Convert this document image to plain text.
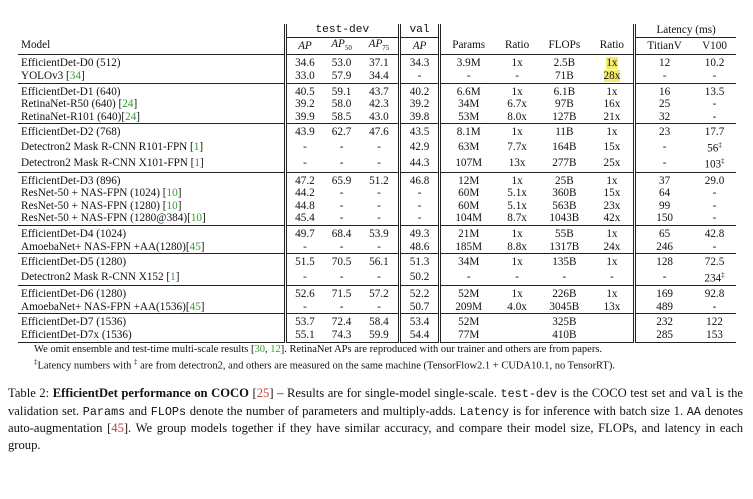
	test-dev			val					Latency (ms)	
Model	AP	$AP_{50}$	$AP_{75}$	AP	Params	Ratio	FLOPs	Ratio	TitianV	V100
EfficientDet-D0 (512)	34.6	53.0	37.1	34.3	3.9M	1x	2.5B	1x	12	10.2
YOLOv3 [34]	33.0	57.9	34.4	-	-	-	71B	28x	-	-
EfficientDet-D1 (640)	40.5	59.1	43.7	40.2	6.6M	1x	6.1B	1x	16	13.5
RetinaNet-R50 (640) [24]	39.2	58.0	42.3	39.2	34M	6.7x	97B	16x	25	-
RetinaNet-R101 (640)[24]	39.9	58.5	43.0	39.8	53M	8.0x	127B	21x	32	-
EfficientDet-D2 (768)	43.9	62.7	47.6	43.5	8.1M	1x	11B	1x	23	17.7
Detectron2 Mask R-CNN R101-FPN [1]	-	-	-	42.9	63M	7.7x	164B	15x	-	56‡
Detectron2 Mask R-CNN X101-FPN [1]	-	-	-	44.3	107M	13x	277B	25x	-	103‡
EfficientDet-D3 (896)	47.2	65.9	51.2	46.8	12M	1x	25B	1x	37	29.0
ResNet-50 + NAS-FPN (1024) [10]	44.2	-	-	-	60M	5.1x	360B	15x	64	-
ResNet-50 + NAS-FPN (1280) [10]	44.8	-	-	-	60M	5.1x	563B	23x	99	-
ResNet-50 + NAS-FPN (1280@384)[10]	45.4	-	-	-	104M	8.7x	1043B	42x	150	-
EfficientDet-D4 (1024)	49.7	68.4	53.9	49.3	21M	1x	55B	1x	65	42.8
AmoebaNet+ NAS-FPN +AA(1280)[45]	-	-	-	48.6	185M	8.8x	1317B	24x	246	-
EfficientDet-D5 (1280)	51.5	70.5	56.1	51.3	34M	1x	135B	1x	128	72.5
Detectron2 Mask R-CNN X152 [1]	-	-	-	50.2	-	-	-	-	-	234‡
EfficientDet-D6 (1280)	52.6	71.5	57.2	52.2	52M	1x	226B	1x	169	92.8
AmoebaNet+ NAS-FPN +AA(1536)[45]	-	-	-	50.7	209M	4.0x	3045B	13x	489	-
EfficientDet-D7 (1536)	53.7	72.4	58.4	53.4	52M		325B		232	122
EfficientDet-D7x (1536)	55.1	74.3	59.9	54.4	77M		410B		285	153
We omit ensemble and test-time multi-scale results [30, 12]. RetinaNet APs are reproduced with our trainer and others are from papers.
‡Latency numbers with ‡ are from detectron2, and others are measured on the same machine (TensorFlow2.1 + CUDA10.1, no TensorRT).
Table 2: EfficientDet performance on COCO [25] – Results are for single-model single-scale. test-dev is the COCO test set and val is the validation set. Params and FLOPs denote the number of parameters and multiply-adds. Latency is for inference with batch size 1. AA denotes auto-augmentation [45]. We group models together if they have similar accuracy, and compare their model size, FLOPs, and latency in each group.
